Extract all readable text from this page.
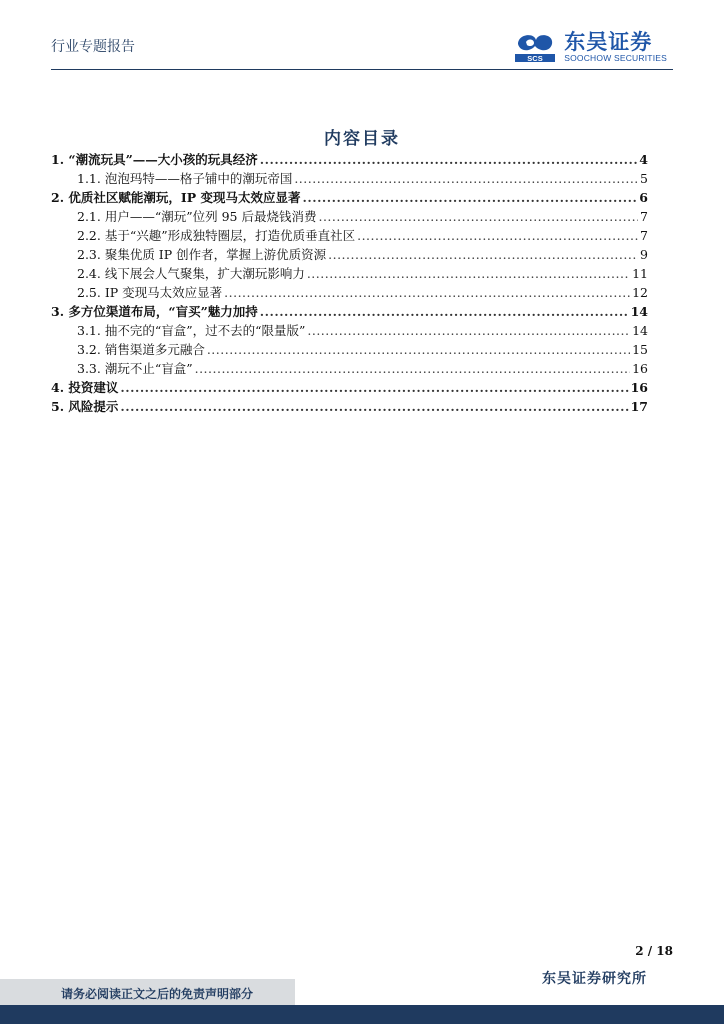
行业专题报告
SCS
东吴证券
SOOCHOW SECURITIES
内容目录
1. “潮流玩具”——大小孩的玩具经济 .....	4
1.1. 泡泡玛特——格子铺中的潮玩帝国 .....	5
2. 优质社区赋能潮玩，IP 变现马太效应显著 .....	6
2.1. 用户——“潮玩”位列 95 后最烧钱消费 .....	7
2.2. 基于“兴趣”形成独特圈层，打造优质垂直社区 .....	7
2.3. 聚集优质 IP 创作者，掌握上游优质资源 .....	9
2.4. 线下展会人气聚集，扩大潮玩影响力 .....	11
2.5. IP 变现马太效应显著 .....	12
3. 多方位渠道布局，“盲买”魅力加持 .....	14
3.1. 抽不完的“盲盒”，过不去的“限量版” .....	14
3.2. 销售渠道多元融合 .....	15
3.3. 潮玩不止“盲盒” .....	16
4. 投资建议 .....	16
5. 风险提示 .....	17
2 / 18
东吴证券研究所
请务必阅读正文之后的免责声明部分
